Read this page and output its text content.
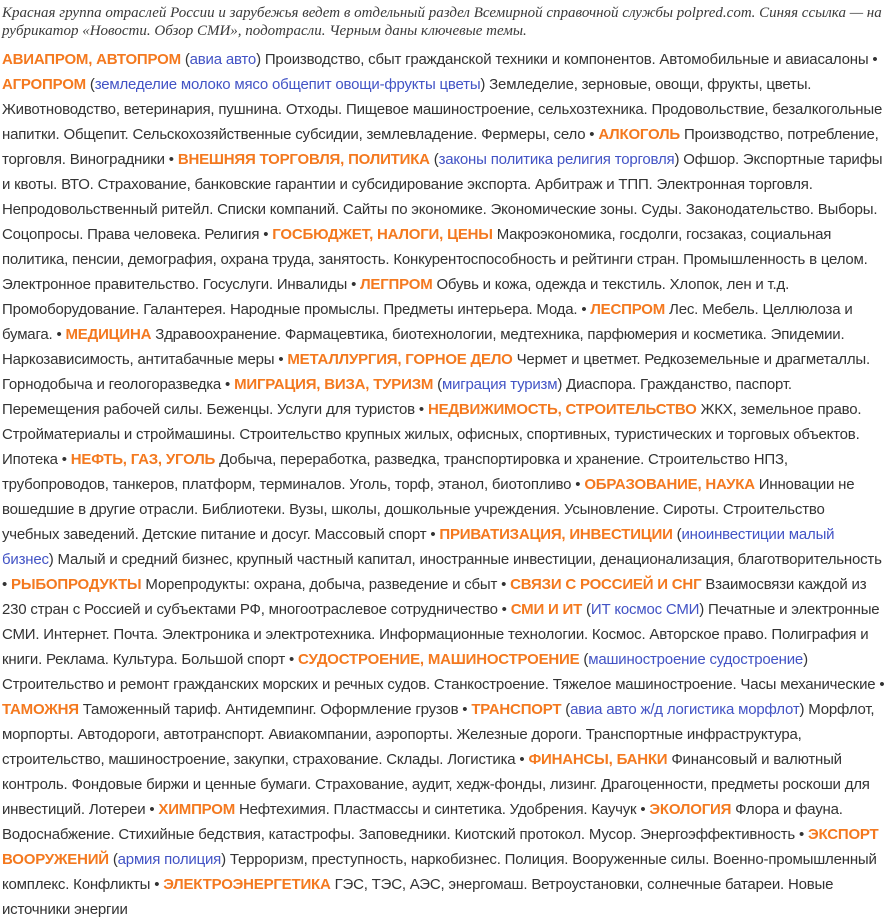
Красная группа отраслей России и зарубежья ведет в отдельный раздел Всемирной справочной службы polpred.com. Синяя ссылка — на рубрикатор «Новости. Обзор СМИ», подотрасли. Черным даны ключевые темы.

АВИАПРОМ, АВТОПРОМ (авиа авто) Производство, сбыт гражданской техники и компонентов. Автомобильные и авиасалоны • АГРОПРОМ (земледелие молоко мясо общепит овощи-фрукты цветы) Земледелие, зерновые, овощи, фрукты, цветы. Животноводство, ветеринария, пушнина. Отходы. Пищевое машиностроение, сельхозтехника. Продовольствие, безалкогольные напитки. Общепит. Сельскохозяйственные субсидии, землевладение. Фермеры, село • АЛКОГОЛЬ Производство, потребление, торговля. Виноградники • ВНЕШНЯЯ ТОРГОВЛЯ, ПОЛИТИКА (законы политика религия торговля) Офшор. Экспортные тарифы и квоты. ВТО. Страхование, банковские гарантии и субсидирование экспорта. Арбитраж и ТПП. Электронная торговля. Непродовольственный ритейл. Списки компаний. Сайты по экономике. Экономические зоны. Суды. Законодательство. Выборы. Соцопросы. Права человека. Религия • ГОСБЮДЖЕТ, НАЛОГИ, ЦЕНЫ Макроэкономика, госдолги, госзаказ, социальная политика, пенсии, демография, охрана труда, занятость. Конкурентоспособность и рейтинги стран. Промышленность в целом. Электронное правительство. Госуслуги. Инвалиды • ЛЕГПРОМ Обувь и кожа, одежда и текстиль. Хлопок, лен и т.д. Промоборудование. Галантерея. Народные промыслы. Предметы интерьера. Мода. • ЛЕСПРОМ Лес. Мебель. Целлюлоза и бумага. • МЕДИЦИНА Здравоохранение. Фармацевтика, биотехнологии, медтехника, парфюмерия и косметика. Эпидемии. Наркозависимость, антитабачные меры • МЕТАЛЛУРГИЯ, ГОРНОЕ ДЕЛО Чермет и цветмет. Редкоземельные и драгметаллы. Горнодобыча и геологоразведка • МИГРАЦИЯ, ВИЗА, ТУРИЗМ (миграция туризм) Диаспора. Гражданство, паспорт. Перемещения рабочей силы. Беженцы. Услуги для туристов • НЕДВИЖИМОСТЬ, СТРОИТЕЛЬСТВО ЖКХ, земельное право. Стройматериалы и строймашины. Строительство крупных жилых, офисных, спортивных, туристических и торговых объектов. Ипотека • НЕФТЬ, ГАЗ, УГОЛЬ Добыча, переработка, разведка, транспортировка и хранение. Строительство НПЗ, трубопроводов, танкеров, платформ, терминалов. Уголь, торф, этанол, биотопливо • ОБРАЗОВАНИЕ, НАУКА Инновации не вошедшие в другие отрасли. Библиотеки. Вузы, школы, дошкольные учреждения. Усыновление. Сироты. Строительство учебных заведений. Детские питание и досуг. Массовый спорт • ПРИВАТИЗАЦИЯ, ИНВЕСТИЦИИ (иноинвестиции малый бизнес) Малый и средний бизнес, крупный частный капитал, иностранные инвестиции, денационализация, благотворительность • РЫБОПРОДУКТЫ Морепродукты: охрана, добыча, разведение и сбыт • СВЯЗИ С РОССИЕЙ И СНГ Взаимосвязи каждой из 230 стран с Россией и субъектами РФ, многоотраслевое сотрудничество • СМИ И ИТ (ИТ космос СМИ) Печатные и электронные СМИ. Интернет. Почта. Электроника и электротехника. Информационные технологии. Космос. Авторское право. Полиграфия и книги. Реклама. Культура. Большой спорт • СУДОСТРОЕНИЕ, МАШИНОСТРОЕНИЕ (машиностроение судостроение) Строительство и ремонт гражданских морских и речных судов. Станкостроение. Тяжелое машиностроение. Часы механические • ТАМОЖНЯ Таможенный тариф. Антидемпинг. Оформление грузов • ТРАНСПОРТ (авиа авто ж/д логистика морфлот) Морфлот, морпорты. Автодороги, автотранспорт. Авиакомпании, аэропорты. Железные дороги. Транспортные инфраструктура, строительство, машиностроение, закупки, страхование. Склады. Логистика • ФИНАНСЫ, БАНКИ Финансовый и валютный контроль. Фондовые биржи и ценные бумаги. Страхование, аудит, хедж-фонды, лизинг. Драгоценности, предметы роскоши для инвестиций. Лотереи • ХИМПРОМ Нефтехимия. Пластмассы и синтетика. Удобрения. Каучук • ЭКОЛОГИЯ Флора и фауна. Водоснабжение. Стихийные бедствия, катастрофы. Заповедники. Киотский протокол. Мусор. Энергоэффективность • ЭКСПОРТ ВООРУЖЕНИЙ (армия полиция) Терроризм, преступность, наркобизнес. Полиция. Вооруженные силы. Военно-промышленный комплекс. Конфликты • ЭЛЕКТРОЭНЕРГЕТИКА ГЭС, ТЭС, АЭС, энергомаш. Ветроустановки, солнечные батареи. Новые источники энергии
